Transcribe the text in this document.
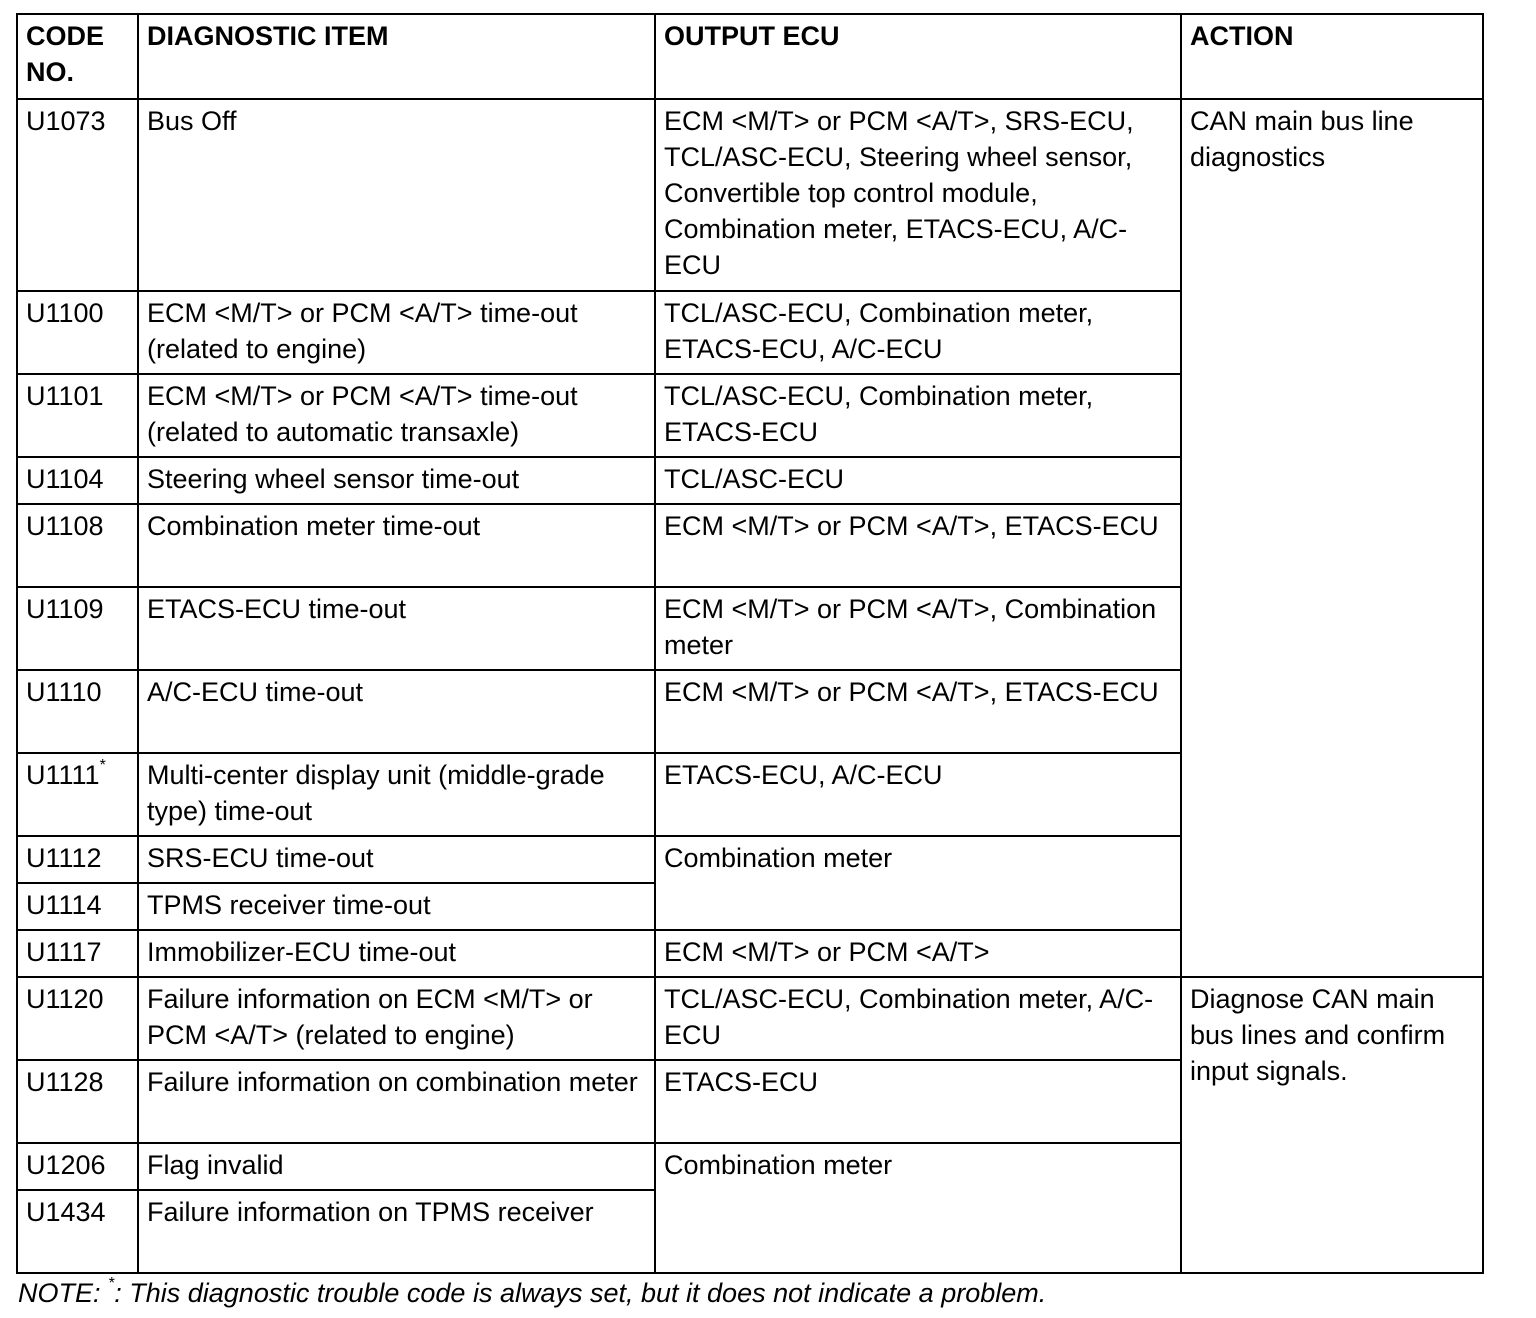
CODE NO.	DIAGNOSTIC ITEM	OUTPUT ECU	ACTION
U1073	Bus Off	ECM <M/T> or PCM <A/T>, SRS-ECU, TCL/ASC-ECU, Steering wheel sensor, Convertible top control module, Combination meter, ETACS-ECU, A/C-ECU	CAN main bus line diagnostics
U1100	ECM <M/T> or PCM <A/T> time-out (related to engine)	TCL/ASC-ECU, Combination meter, ETACS-ECU, A/C-ECU	
U1101	ECM <M/T> or PCM <A/T> time-out (related to automatic transaxle)	TCL/ASC-ECU, Combination meter, ETACS-ECU	
U1104	Steering wheel sensor time-out	TCL/ASC-ECU	
U1108	Combination meter time-out	ECM <M/T> or PCM <A/T>, ETACS-ECU	
U1109	ETACS-ECU time-out	ECM <M/T> or PCM <A/T>, Combination meter	
U1110	A/C-ECU time-out	ECM <M/T> or PCM <A/T>, ETACS-ECU	
U1111*	Multi-center display unit (middle-grade type) time-out	ETACS-ECU, A/C-ECU	
U1112	SRS-ECU time-out	Combination meter	
U1114	TPMS receiver time-out		
U1117	Immobilizer-ECU time-out	ECM <M/T> or PCM <A/T>	
U1120	Failure information on ECM <M/T> or PCM <A/T> (related to engine)	TCL/ASC-ECU, Combination meter, A/C-ECU	Diagnose CAN main bus lines and confirm input signals.
U1128	Failure information on combination meter	ETACS-ECU	
U1206	Flag invalid	Combination meter	
U1434	Failure information on TPMS receiver		
NOTE: *: This diagnostic trouble code is always set, but it does not indicate a problem.
